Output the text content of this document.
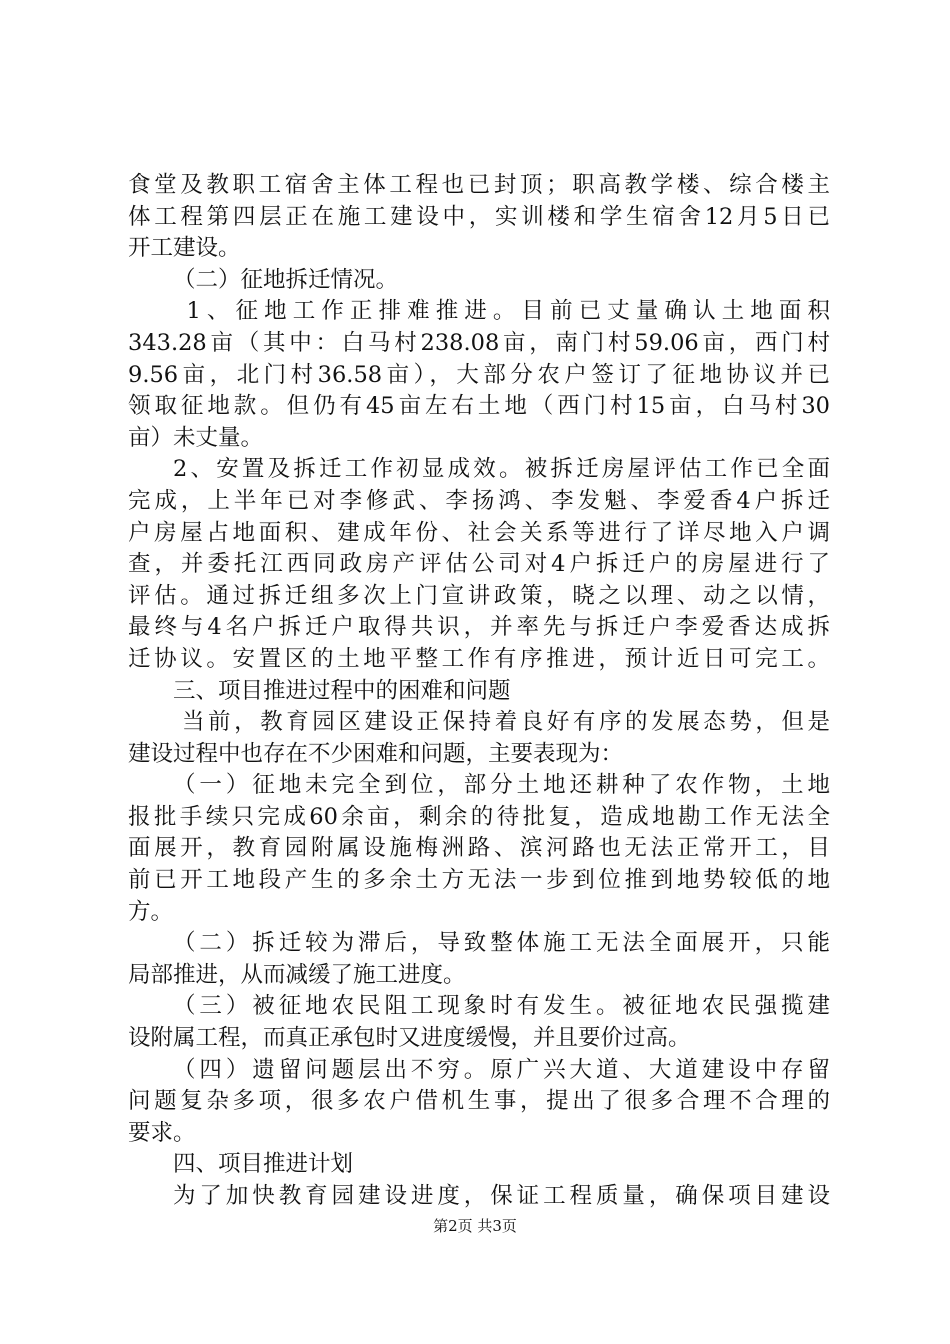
食堂及教职工宿舍主体工程也已封顶；职高教学楼、综合楼主
体工程第四层正在施工建设中，实训楼和学生宿舍12月5日已
开工建设。
（二）征地拆迁情况。
1、征地工作正排难推进。目前已丈量确认土地面积
343.28亩（其中：白马村238.08亩，南门村59.06亩，西门村
9.56亩，北门村36.58亩），大部分农户签订了征地协议并已
领取征地款。但仍有45亩左右土地（西门村15亩，白马村30
亩）未丈量。
2、安置及拆迁工作初显成效。被拆迁房屋评估工作已全面
完成，上半年已对李修武、李扬鸿、李发魁、李爱香4户拆迁
户房屋占地面积、建成年份、社会关系等进行了详尽地入户调
查，并委托江西同政房产评估公司对4户拆迁户的房屋进行了
评估。通过拆迁组多次上门宣讲政策，晓之以理、动之以情，
最终与4名户拆迁户取得共识，并率先与拆迁户李爱香达成拆
迁协议。安置区的土地平整工作有序推进，预计近日可完工。
三、项目推进过程中的困难和问题
当前，教育园区建设正保持着良好有序的发展态势，但是
建设过程中也存在不少困难和问题，主要表现为：
（一）征地未完全到位，部分土地还耕种了农作物，土地
报批手续只完成60余亩，剩余的待批复，造成地勘工作无法全
面展开，教育园附属设施梅洲路、滨河路也无法正常开工，目
前已开工地段产生的多余土方无法一步到位推到地势较低的地
方。
（二）拆迁较为滞后，导致整体施工无法全面展开，只能
局部推进，从而减缓了施工进度。
（三）被征地农民阻工现象时有发生。被征地农民强揽建
设附属工程，而真正承包时又进度缓慢，并且要价过高。
（四）遗留问题层出不穷。原广兴大道、大道建设中存留
问题复杂多项，很多农户借机生事，提出了很多合理不合理的
要求。
四、项目推进计划
为了加快教育园建设进度，保证工程质量，确保项目建设
第2页 共3页
